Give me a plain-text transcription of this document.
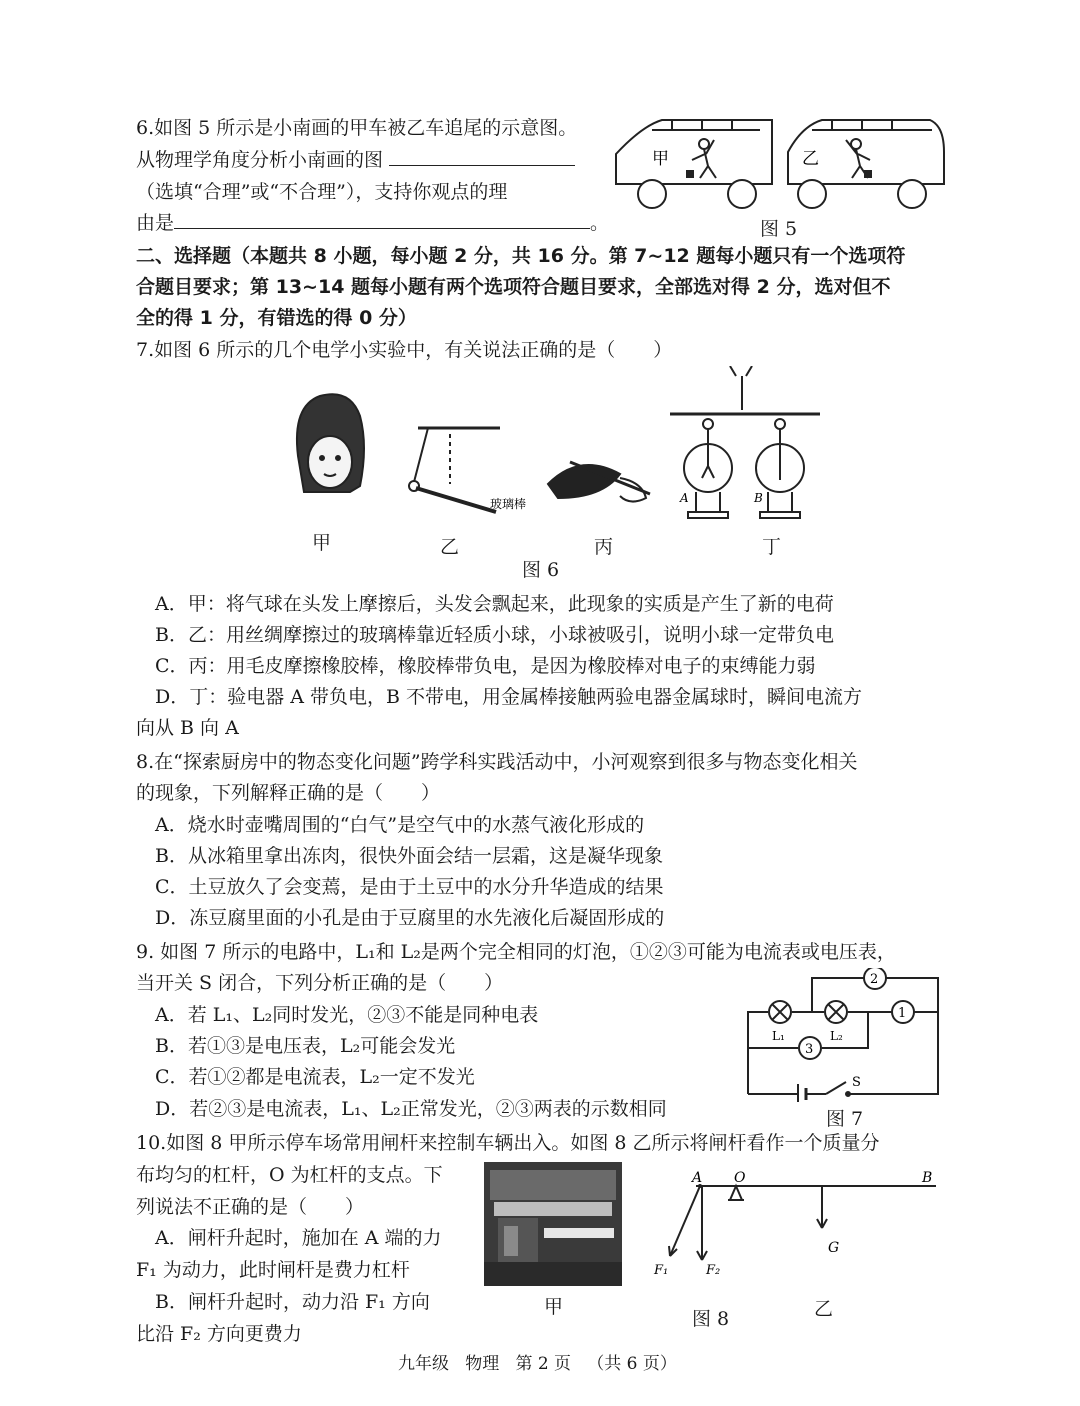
6.如图 5 所示是小南画的甲车被乙车追尾的示意图。
从物理学角度分析小南画的图
（选填“合理”或“不合理”），支持你观点的理
由是	。
甲	乙
图 5
二、选择题（本题共 8 小题，每小题 2 分，共 16 分。第 7~12 题每小题只有一个选项符
合题目要求；第 13~14 题每小题有两个选项符合题目要求，全部选对得 2 分，选对但不
全的得 1 分，有错选的得 0 分）
7.如图 6 所示的几个电学小实验中，有关说法正确的是（　　）
玻璃棒	A	B
甲	乙	丙	丁
图 6
A．甲：将气球在头发上摩擦后，头发会飘起来，此现象的实质是产生了新的电荷
B．乙：用丝绸摩擦过的玻璃棒靠近轻质小球，小球被吸引，说明小球一定带负电
C．丙：用毛皮摩擦橡胶棒，橡胶棒带负电，是因为橡胶棒对电子的束缚能力弱
D．丁：验电器 A 带负电，B 不带电，用金属棒接触两验电器金属球时，瞬间电流方
向从 B 向 A
8.在“探索厨房中的物态变化问题”跨学科实践活动中，小河观察到很多与物态变化相关
的现象，下列解释正确的是（　　）
A．烧水时壶嘴周围的“白气”是空气中的水蒸气液化形成的
B．从冰箱里拿出冻肉，很快外面会结一层霜，这是凝华现象
C．土豆放久了会变蔫，是由于土豆中的水分升华造成的结果
D．冻豆腐里面的小孔是由于豆腐里的水先液化后凝固形成的
9. 如图 7 所示的电路中，L₁和 L₂是两个完全相同的灯泡，①②③可能为电流表或电压表，
当开关 S 闭合，下列分析正确的是（　　）
A．若 L₁、L₂同时发光，②③不能是同种电表
B．若①③是电压表，L₂可能会发光
C．若①②都是电流表，L₂一定不发光
D．若②③是电流表，L₁、L₂正常发光，②③两表的示数相同
2
1
3
L₁	L₂
S
图 7
10.如图 8 甲所示停车场常用闸杆来控制车辆出入。如图 8 乙所示将闸杆看作一个质量分
布均匀的杠杆，O 为杠杆的支点。下
列说法不正确的是（　　）
A．闸杆升起时，施加在 A 端的力
F₁ 为动力，此时闸杆是费力杠杆
B．闸杆升起时，动力沿 F₁ 方向
比沿 F₂ 方向更费力
甲
A O	B
G
F₁	F₂
图 8	乙
九年级 物理 第 2 页 （共 6 页）
